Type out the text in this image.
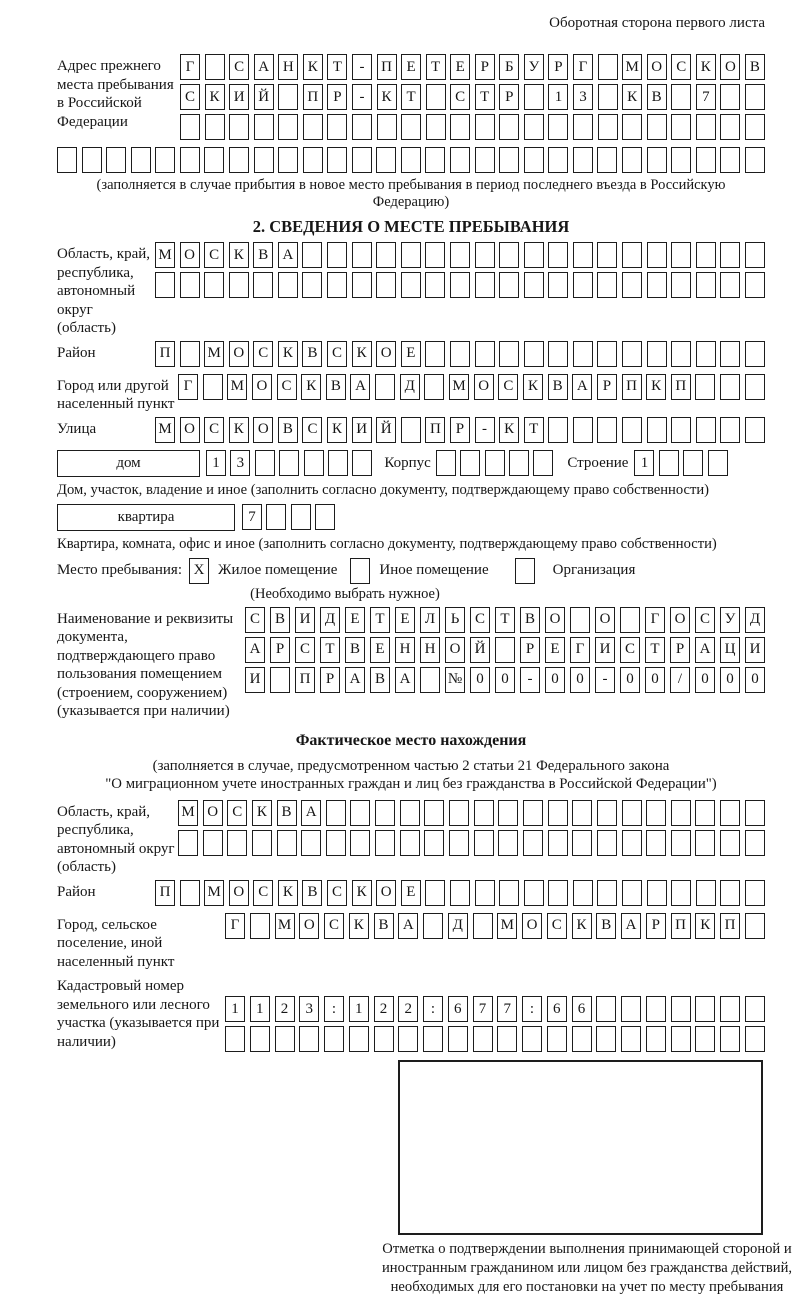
Оборотная сторона первого листа
Адрес прежнего места пребывания в Российской Федерации
Г	С А Н К Т	-	П Е	Т	Е	Р	Б У	Р	Г	М О С К О В
С К И Й	П Р	-	К Т	С Т	Р	1	3	К В	7
(заполняется в случае прибытия в новое место пребывания в период последнего въезда в Российскую Федерацию)
2. СВЕДЕНИЯ О МЕСТЕ ПРЕБЫВАНИЯ
Область, край, республика, автономный округ (область)
М О С К В А
Район	П	М О С К В С К О Е
Город или другой населенный пункт
Г	М О С К В А	Д	М О С К В А	Р	П К П
Улица	М О С К О В С К И Й	П Р	-	К Т
дом	1	3	Корпус	Строение 1
Дом, участок, владение и иное (заполнить согласно документу, подтверждающему право собственности)
квартира	7
Квартира, комната, офис и иное (заполнить согласно документу, подтверждающему право собственности)
Место пребывания: X Жилое помещение	Иное помещение	Организация
(Необходимо выбрать нужное)
Наименование и реквизиты документа, подтверждающего право пользования помещением (строением, сооружением) (указывается при наличии)
С В И Д	Е	Т	Е	Л	Ь	С	Т	В О	О	Г	О С У Д
А	Р	С	Т	В	Е	Н Н О Й	Р	Е	Г	И С	Т	Р	А Ц И
И	П	Р	А В А	№ 0	0	-	0	0	-	0	0	/	0	0	0
Фактическое место нахождения
(заполняется в случае, предусмотренном частью 2 статьи 21 Федерального закона
"О миграционном учете иностранных граждан и лиц без гражданства в Российской Федерации")
Область, край, республика, автономный округ (область)
М О С К В А
Район	П	М О С К В С К О Е
Город, сельское поселение, иной населенный пункт
Г	М О С К В А	Д	М О С К В А	Р	П К П
Кадастровый номер земельного или лесного участка (указывается при наличии)
1	1	2	3	:	1	2	2	:	6	7	7	:	6	6
Отметка о подтверждении выполнения принимающей стороной и иностранным гражданином или лицом без гражданства действий, необходимых для его постановки на учет по месту пребывания
